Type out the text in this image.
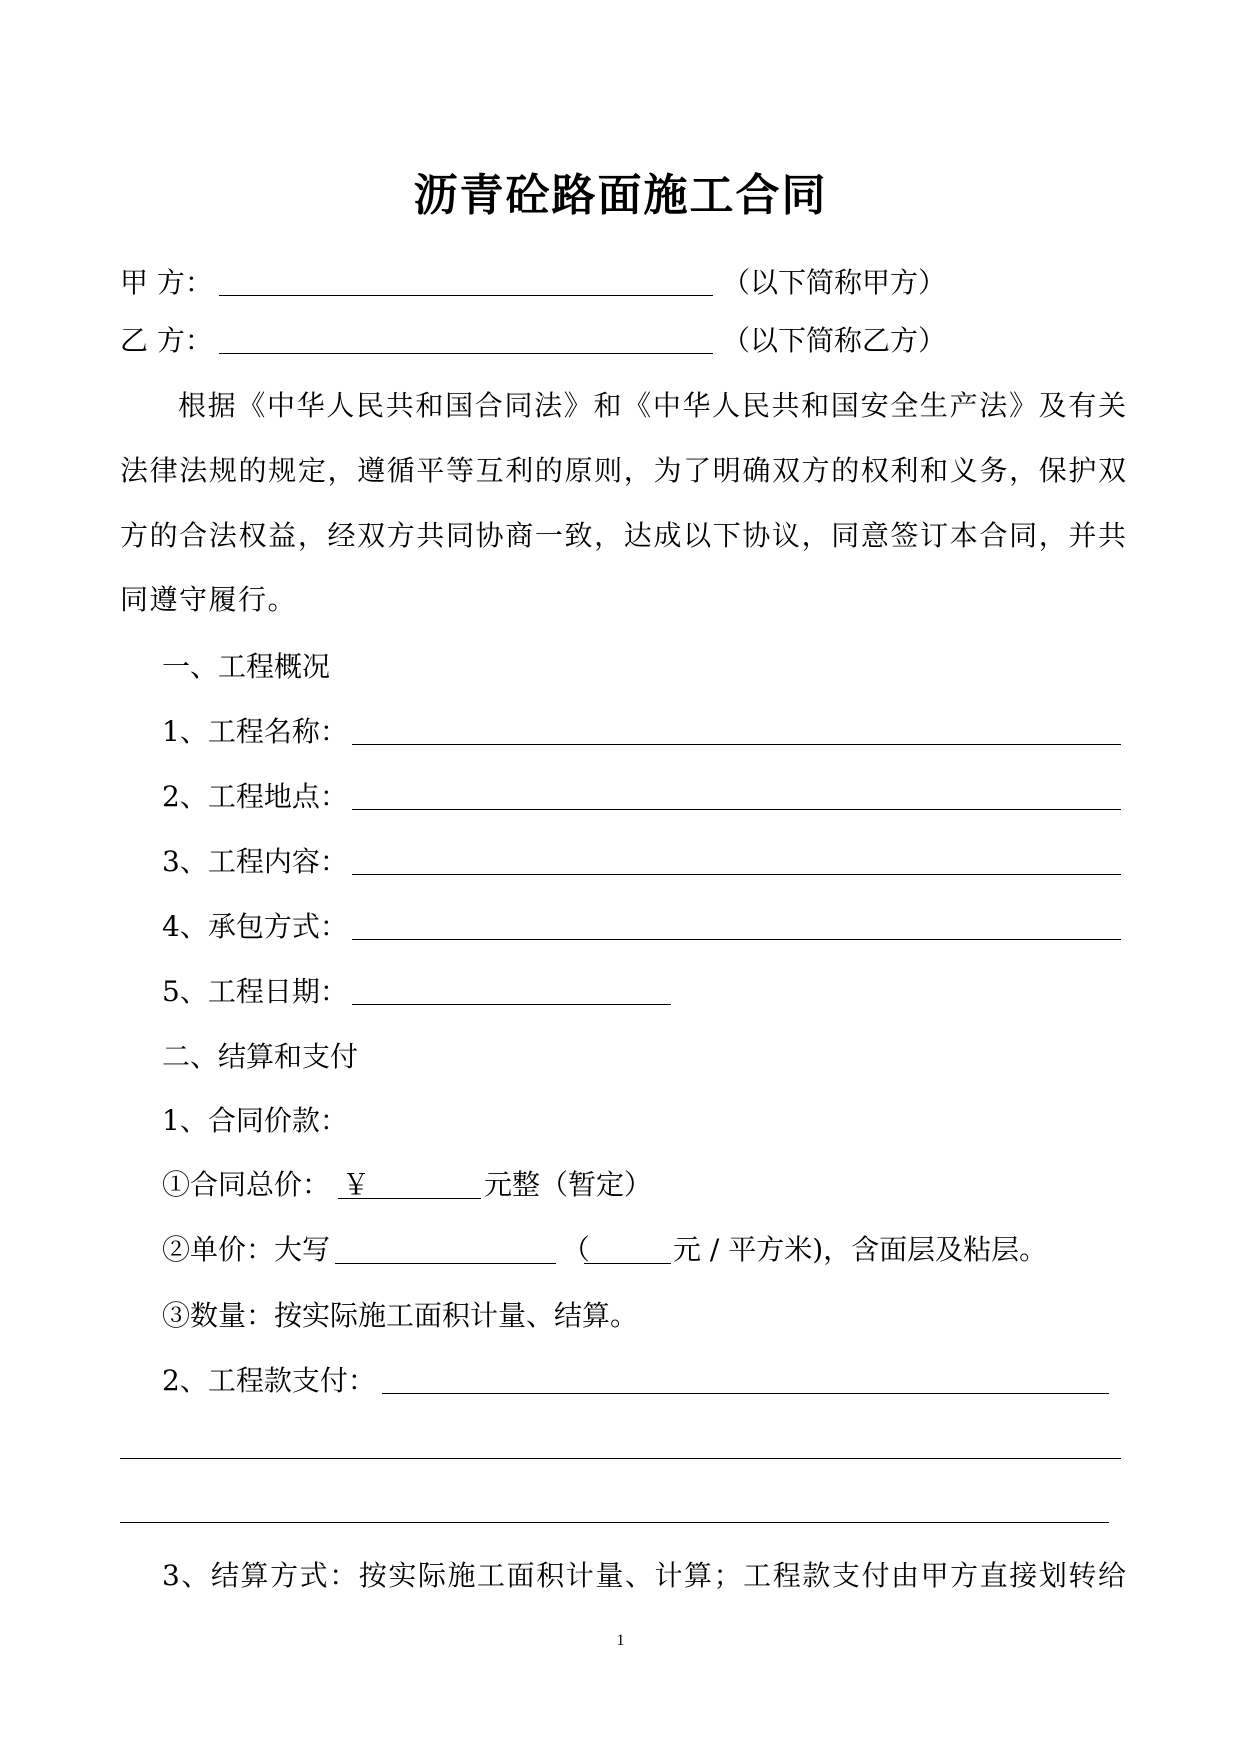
沥青砼路面施工合同
甲 方：	（以下简称甲方）
乙 方：	（以下简称乙方）
根据《中华人民共和国合同法》和《中华人民共和国安全生产法》及有关
法律法规的规定，遵循平等互利的原则，为了明确双方的权利和义务，保护双
方的合法权益，经双方共同协商一致，达成以下协议，同意签订本合同，并共
同遵守履行。
一、工程概况
1、工程名称：
2、工程地点：
3、工程内容：
4、承包方式：
5、工程日期：
二、结算和支付
1、合同价款：
①合同总价： ￥	元整（暂定）
②单价：大写	（	元 / 平方米)，含面层及粘层。
③数量：按实际施工面积计量、结算。
2、工程款支付：
3、结算方式：按实际施工面积计量、计算；工程款支付由甲方直接划转给
1
